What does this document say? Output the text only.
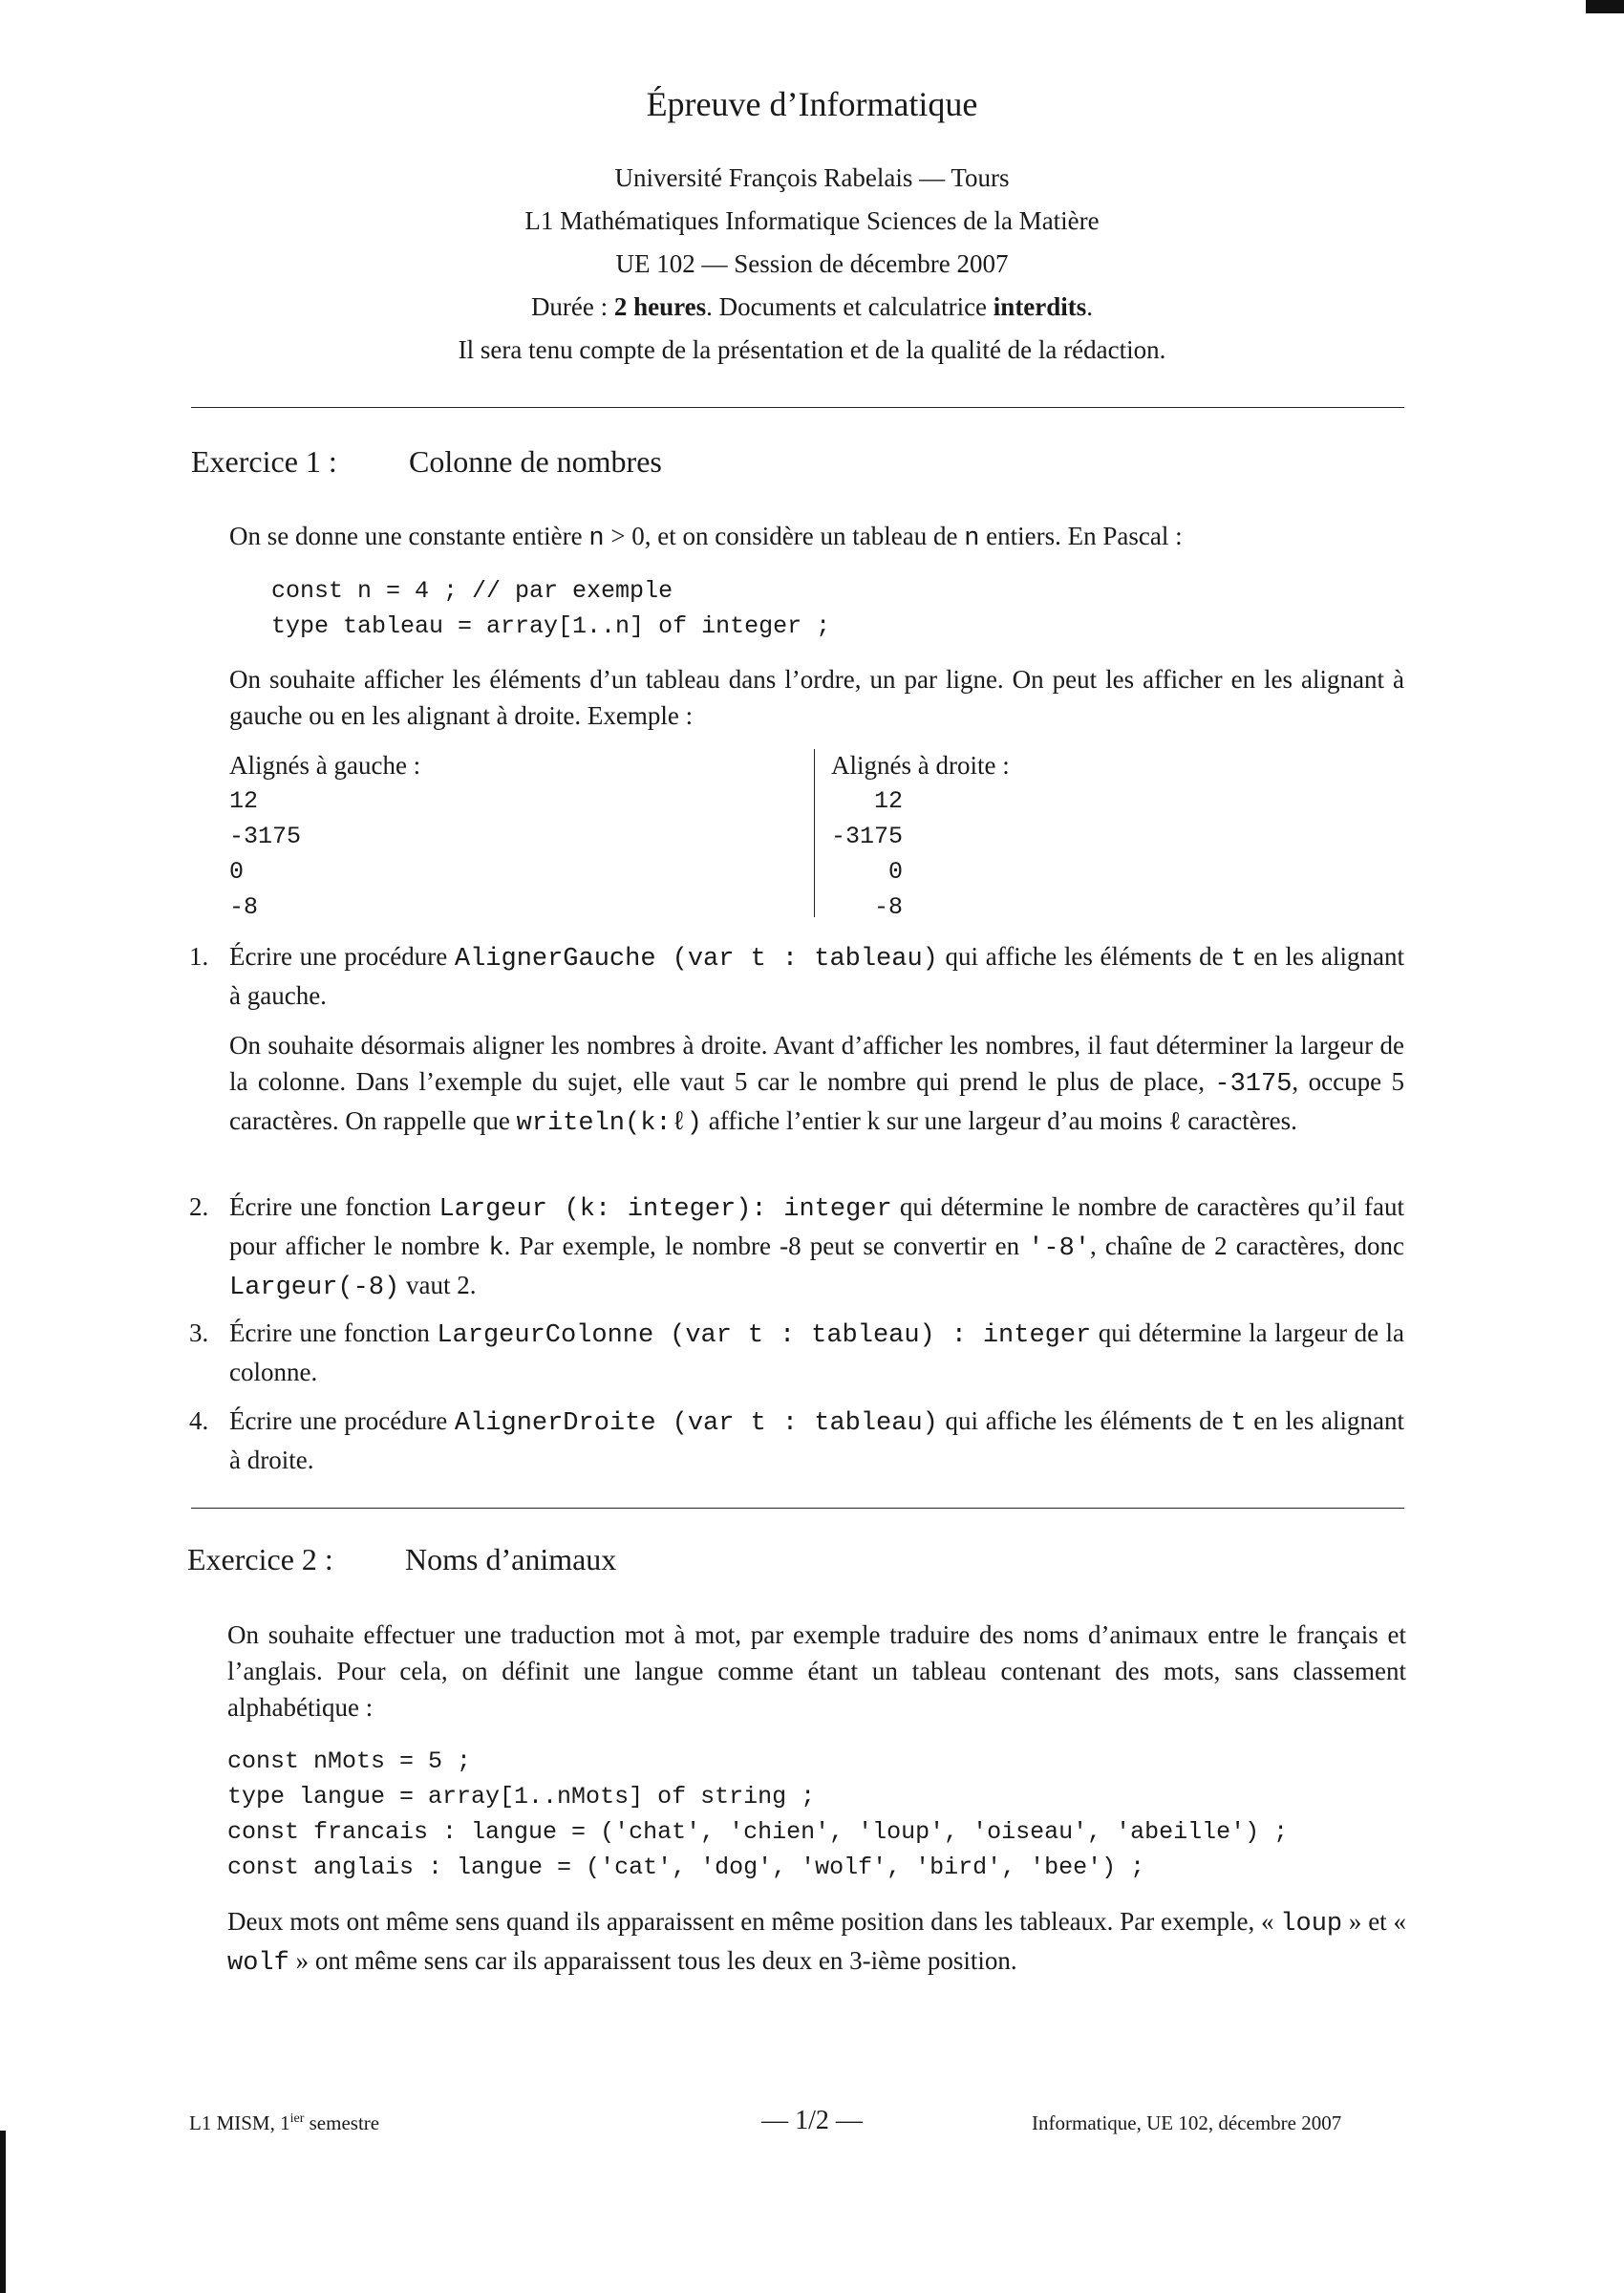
Épreuve d’Informatique
Université François Rabelais — Tours
L1 Mathématiques Informatique Sciences de la Matière
UE 102 — Session de décembre 2007
Durée : 2 heures. Documents et calculatrice interdits.
Il sera tenu compte de la présentation et de la qualité de la rédaction.
Exercice 1 : Colonne de nombres
On se donne une constante entière n > 0, et on considère un tableau de n entiers. En Pascal :
const n = 4 ; // par exemple
type tableau = array[1..n] of integer ;
On souhaite afficher les éléments d’un tableau dans l’ordre, un par ligne. On peut les afficher en les alignant à gauche ou en les alignant à droite. Exemple :
Alignés à gauche :
12
-3175
0
-8
Alignés à droite :
12
-3175
0
-8
1. Écrire une procédure AlignerGauche (var t : tableau) qui affiche les éléments de t en les alignant à gauche.
On souhaite désormais aligner les nombres à droite. Avant d’afficher les nombres, il faut déterminer la largeur de la colonne. Dans l’exemple du sujet, elle vaut 5 car le nombre qui prend le plus de place, -3175, occupe 5 caractères. On rappelle que writeln(k:ℓ) affiche l’entier k sur une largeur d’au moins ℓ caractères.
2. Écrire une fonction Largeur (k: integer): integer qui détermine le nombre de caractères qu’il faut pour afficher le nombre k. Par exemple, le nombre -8 peut se convertir en '-8', chaîne de 2 caractères, donc Largeur(-8) vaut 2.
3. Écrire une fonction LargeurColonne (var t : tableau) : integer qui détermine la largeur de la colonne.
4. Écrire une procédure AlignerDroite (var t : tableau) qui affiche les éléments de t en les alignant à droite.
Exercice 2 : Noms d’animaux
On souhaite effectuer une traduction mot à mot, par exemple traduire des noms d’animaux entre le français et l’anglais. Pour cela, on définit une langue comme étant un tableau contenant des mots, sans classement alphabétique :
const nMots = 5 ;
type langue = array[1..nMots] of string ;
const francais : langue = ('chat', 'chien', 'loup', 'oiseau', 'abeille') ;
const anglais : langue = ('cat', 'dog', 'wolf', 'bird', 'bee') ;
Deux mots ont même sens quand ils apparaissent en même position dans les tableaux. Par exemple, « loup » et « wolf » ont même sens car ils apparaissent tous les deux en 3-ième position.
L1 MISM, $1^{ier}$ semestre	— 1/2 —	Informatique, UE 102, décembre 2007
